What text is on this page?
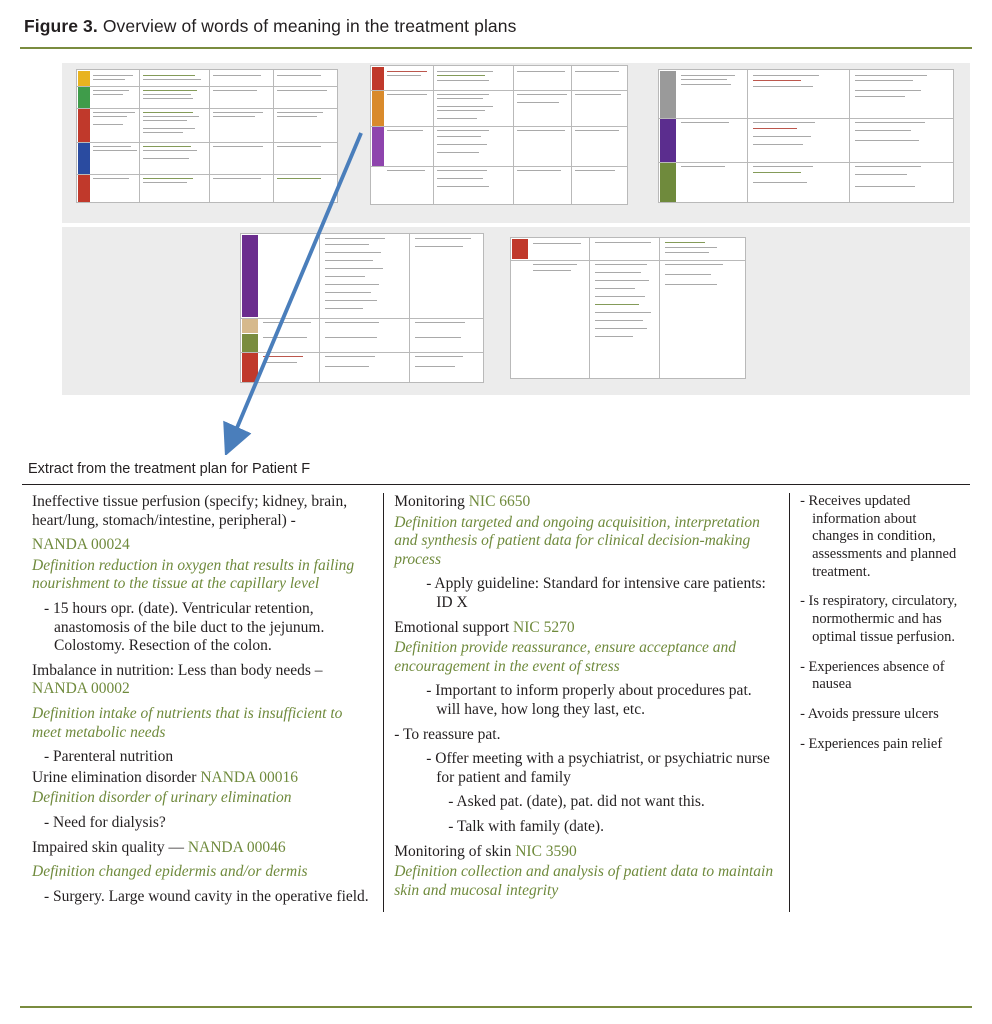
Figure 3. Overview of words of meaning in the treatment plans
Extract from the treatment plan for Patient F

Ineffective tissue perfusion (specify; kidney, brain, heart/lung, stomach/intestine, peripheral) -

NANDA 00024

Definition reduction in oxygen that results in failing nourishment to the tissue at the capillary level

- 15 hours opr. (date). Ventricular retention, anastomosis of the bile duct to the jejunum. Colostomy. Resection of the colon.

Imbalance in nutrition: Less than body needs – NANDA 00002

Definition intake of nutrients that is insufficient to meet metabolic needs

- Parenteral nutrition

Urine elimination disorder NANDA 00016

Definition disorder of urinary elimination

- Need for dialysis?

Impaired skin quality — NANDA 00046

Definition changed epidermis and/or dermis

- Surgery. Large wound cavity in the operative field.

Monitoring NIC 6650

Definition targeted and ongoing acquisition, interpretation and synthesis of patient data for clinical decision-making process

- Apply guideline: Standard for intensive care patients: ID X

Emotional support NIC 5270

Definition provide reassurance, ensure acceptance and encouragement in the event of stress

- Important to inform properly about procedures pat. will have, how long they last, etc.

- To reassure pat.

- Offer meeting with a psychiatrist, or psychiatric nurse for patient and family

- Asked pat. (date), pat. did not want this.

- Talk with family (date).

Monitoring of skin NIC 3590

Definition collection and analysis of patient data to maintain skin and mucosal integrity

- Receives updated information about changes in condition, assessments and planned treatment.

- Is respiratory, circulatory, normothermic and has optimal tissue perfusion.

- Experiences absence of nausea

- Avoids pressure ulcers

- Experiences pain relief
